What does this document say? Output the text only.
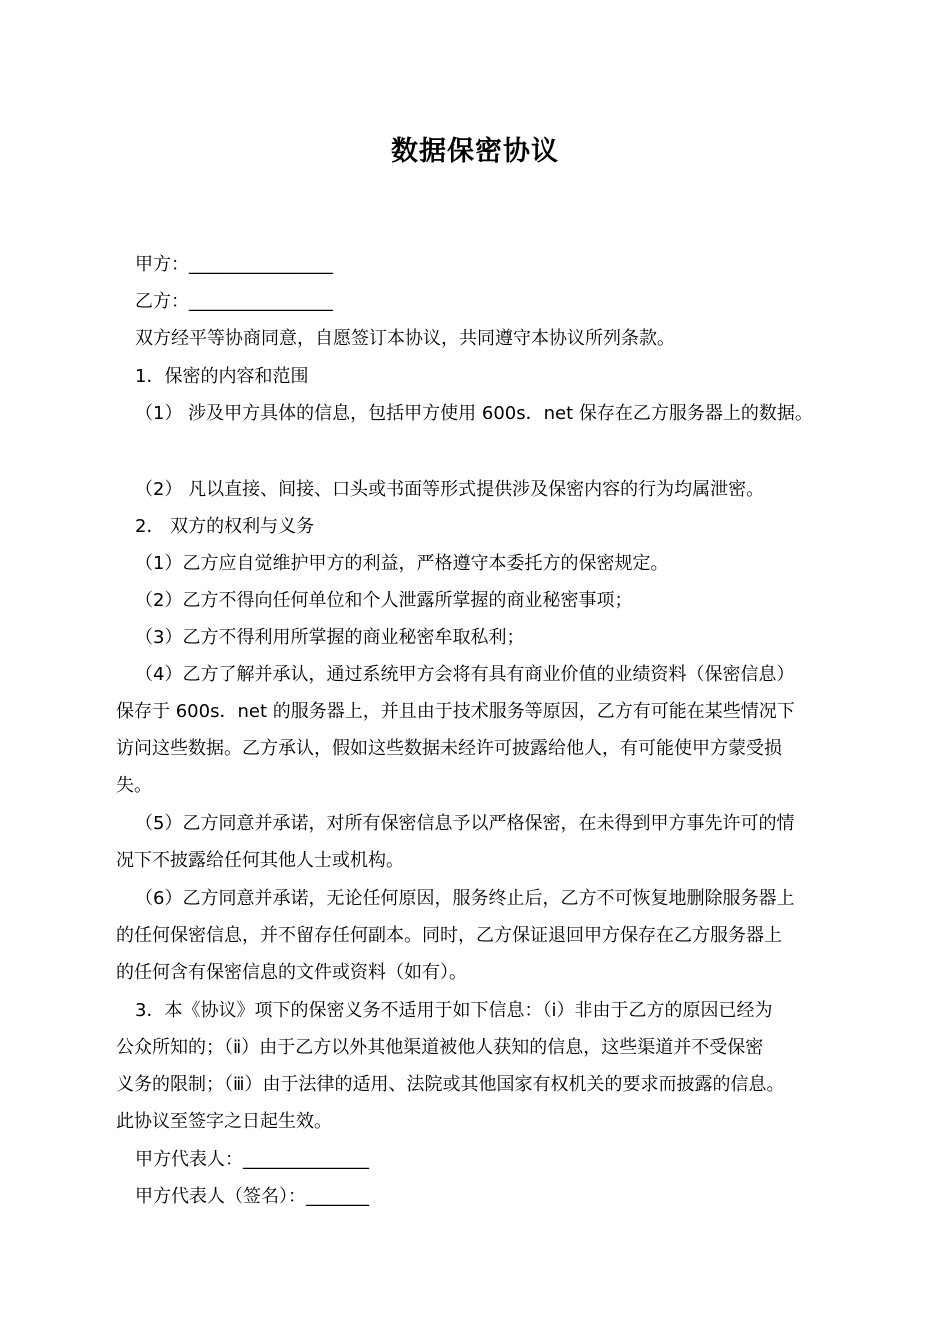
数据保密协议
甲方：________________
乙方：________________
双方经平等协商同意，自愿签订本协议，共同遵守本协议所列条款。
1．保密的内容和范围
（1） 涉及甲方具体的信息，包括甲方使用 600s．net 保存在乙方服务器上的数据。
（2） 凡以直接、间接、口头或书面等形式提供涉及保密内容的行为均属泄密。
2． 双方的权利与义务
（1）乙方应自觉维护甲方的利益，严格遵守本委托方的保密规定。
（2）乙方不得向任何单位和个人泄露所掌握的商业秘密事项；
（3）乙方不得利用所掌握的商业秘密牟取私利；
（4）乙方了解并承认，通过系统甲方会将有具有商业价值的业绩资料（保密信息）
保存于 600s．net 的服务器上，并且由于技术服务等原因，乙方有可能在某些情况下
访问这些数据。乙方承认，假如这些数据未经许可披露给他人，有可能使甲方蒙受损
失。
（5）乙方同意并承诺，对所有保密信息予以严格保密，在未得到甲方事先许可的情
况下不披露给任何其他人士或机构。
（6）乙方同意并承诺，无论任何原因，服务终止后，乙方不可恢复地删除服务器上
的任何保密信息，并不留存任何副本。同时，乙方保证退回甲方保存在乙方服务器上
的任何含有保密信息的文件或资料（如有）。
3．本《协议》项下的保密义务不适用于如下信息：（ⅰ）非由于乙方的原因已经为
公众所知的；（ⅱ）由于乙方以外其他渠道被他人获知的信息，这些渠道并不受保密
义务的限制；（ⅲ）由于法律的适用、法院或其他国家有权机关的要求而披露的信息。
此协议至签字之日起生效。
甲方代表人：______________
甲方代表人（签名）：_______
